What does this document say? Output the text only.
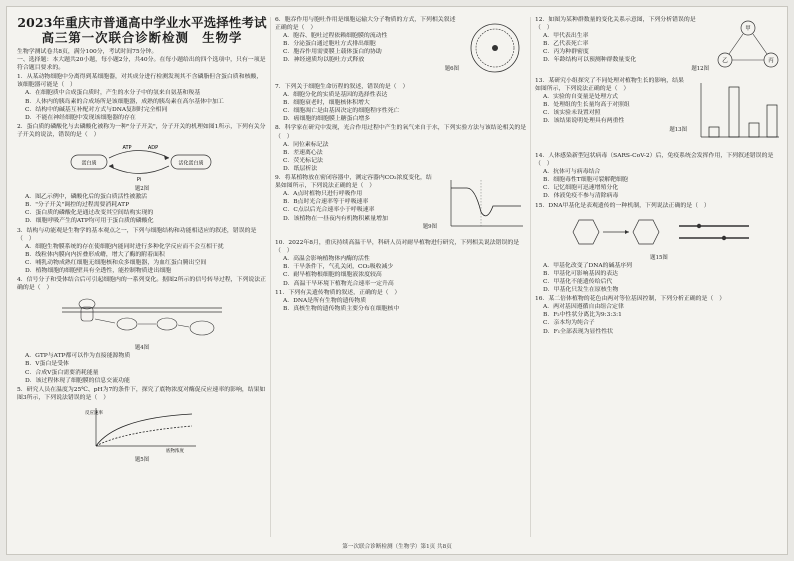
2023年重庆市普通高中学业水平选择性考试
高三第一次联合诊断检测　生物学
生物学测试卷共8页，满分100分，考试时间75分钟。
一、选择题：本大题共20小题，每小题2分，共40分。在每小题给出的四个选项中，只有一项是符合题目要求的。
1．从某动物细胞中分离得到某细胞器，对其成分进行检测发现其不含磷脂但含蛋白质和核酸，该细胞器可能是（　）
A．在细胞质中合成蛋白质时，产生的水分子中的氢来自氨基和羧基
B．人体内的胰岛素的合成场所是该细胞器，成熟的胰岛素在高尔基体中加工
C．结构中的碱基互补配对方式与DNA复制时完全相同
D．不能在神经细胞中发现该细胞器的存在
2．蛋白质的磷酸化与去磷酸化被称为一种"分子开关"，分子开关的机理如图1所示，下列有关分子开关的说法，错误的是（　）
蛋白质	活化蛋白质
ATP	ADP
Pi
题2图
A．图乙示例中，磷酸化后的蛋白质活性被激活
B．"分子开关"调控的过程需要消耗ATP
C．蛋白质的磷酸化是通过改变其空间结构实现的
D．细胞呼吸产生的ATP均可用于蛋白质的磷酸化
3．结构与功能观是生物学的基本观点之一，下列与细胞结构和功能相适应的叙述，错误的是（　）
A．细胞生物膜系统的存在使细胞内能同时进行多种化学反应而不会互相干扰
B．线粒体内膜向内折叠形成嵴，增大了酶的附着面积
C．哺乳动物成熟红细胞无细胞核和众多细胞器，为血红蛋白腾出空间
D．植物细胞的细胞壁具有全透性，能控制物质进出细胞
4．信号分子和受体结合后可引起细胞内的一系列变化。据图2所示的信号转导过程，下列说法正确的是（　）
题4图
A．GTP与ATP都可以作为直接能源物质
B．V蛋白是受体
C．合成V蛋白需要消耗能量
D．该过程体现了细胞膜的信息交流功能
5．研究人员在温度为25℃、pH为7的条件下，探究了底物浓度对酶促反应速率的影响，结果如图3所示，下列说法错误的是（　）
反应速率
底物浓度
题5图
6．胞吞作用与胞吐作用是细胞运输大分子物质的方式，下列相关叙述正确的是（　）
A．胞吞、胞吐过程依赖细胞膜的流动性
B．分泌蛋白通过胞吐方式排出细胞
C．胞吞作用需要膜上载体蛋白的协助
D．神经递质均以胞吐方式释放
题6图
7．下列关于细胞生命历程的叙述，错误的是（　）
A．细胞分化的实质是基因的选择性表达
B．细胞衰老时，细胞核体积增大
C．细胞凋亡是由基因决定的细胞程序性死亡
D．癌细胞的细胞膜上糖蛋白增多
8．科学家在研究中发现，光合作用过程中产生的氧气来自于水，下列实验方法与该结论相关的是（　）
A．同位素标记法
B．差速离心法
C．荧光标记法
D．纸层析法
9．将某植物放在密闭容器中，测定容器内CO₂浓度变化，结果如图所示，下列说法正确的是（　）
A．A点时植物只进行呼吸作用
B．B点时光合速率等于呼吸速率
C．C点以后光合速率小于呼吸速率
D．该植物在一昼夜内有机物积累量增加
题9图
10．2022年8月，重庆持续高温干旱，科研人员对耐旱植物进行研究，下列相关说法错误的是（　）
A．高温会影响植物体内酶的活性
B．干旱条件下，气孔关闭，CO₂吸收减少
C．耐旱植物根细胞的细胞液浓度较高
D．高温干旱环境下植物光合速率一定升高
11．下列有关遗传物质的叙述，正确的是（　）
A．DNA是所有生物的遗传物质
B．真核生物的遗传物质主要分布在细胞核中
甲
乙	丙
12．如图为某种群数量的变化关系示意图，下列分析错误的是（　）
A．甲代表出生率
B．乙代表死亡率
C．丙为种群密度
D．年龄结构可以预测种群数量变化
题12图
13．某研究小组探究了不同处理对植物生长的影响，结果如图所示，下列说法正确的是（　）
A．实验的自变量是处理方式
B．处理组的生长量均高于对照组
C．该实验未设置对照
D．该结果说明处理具有两重性
题13图
14．人体感染新型冠状病毒（SARS-CoV-2）后，免疫系统会发挥作用，下列叙述错误的是（　）
A．抗体可与病毒结合
B．细胞毒性T细胞可裂解靶细胞
C．记忆细胞可迅速增殖分化
D．体液免疫不参与清除病毒
15．DNA甲基化是表观遗传的一种机制，下列说法正确的是（　）
题15图
A．甲基化改变了DNA的碱基序列
B．甲基化可影响基因的表达
C．甲基化不能遗传给后代
D．甲基化只发生在原核生物
16．某二倍体植物的花色由两对等位基因控制，下列分析正确的是（　）
A．两对基因遵循自由组合定律
B．F₂中性状分离比为9:3:3:1
C．亲本均为纯合子
D．F₁全部表现为显性性状
第一次联合诊断检测（生物学）第1页 共8页
